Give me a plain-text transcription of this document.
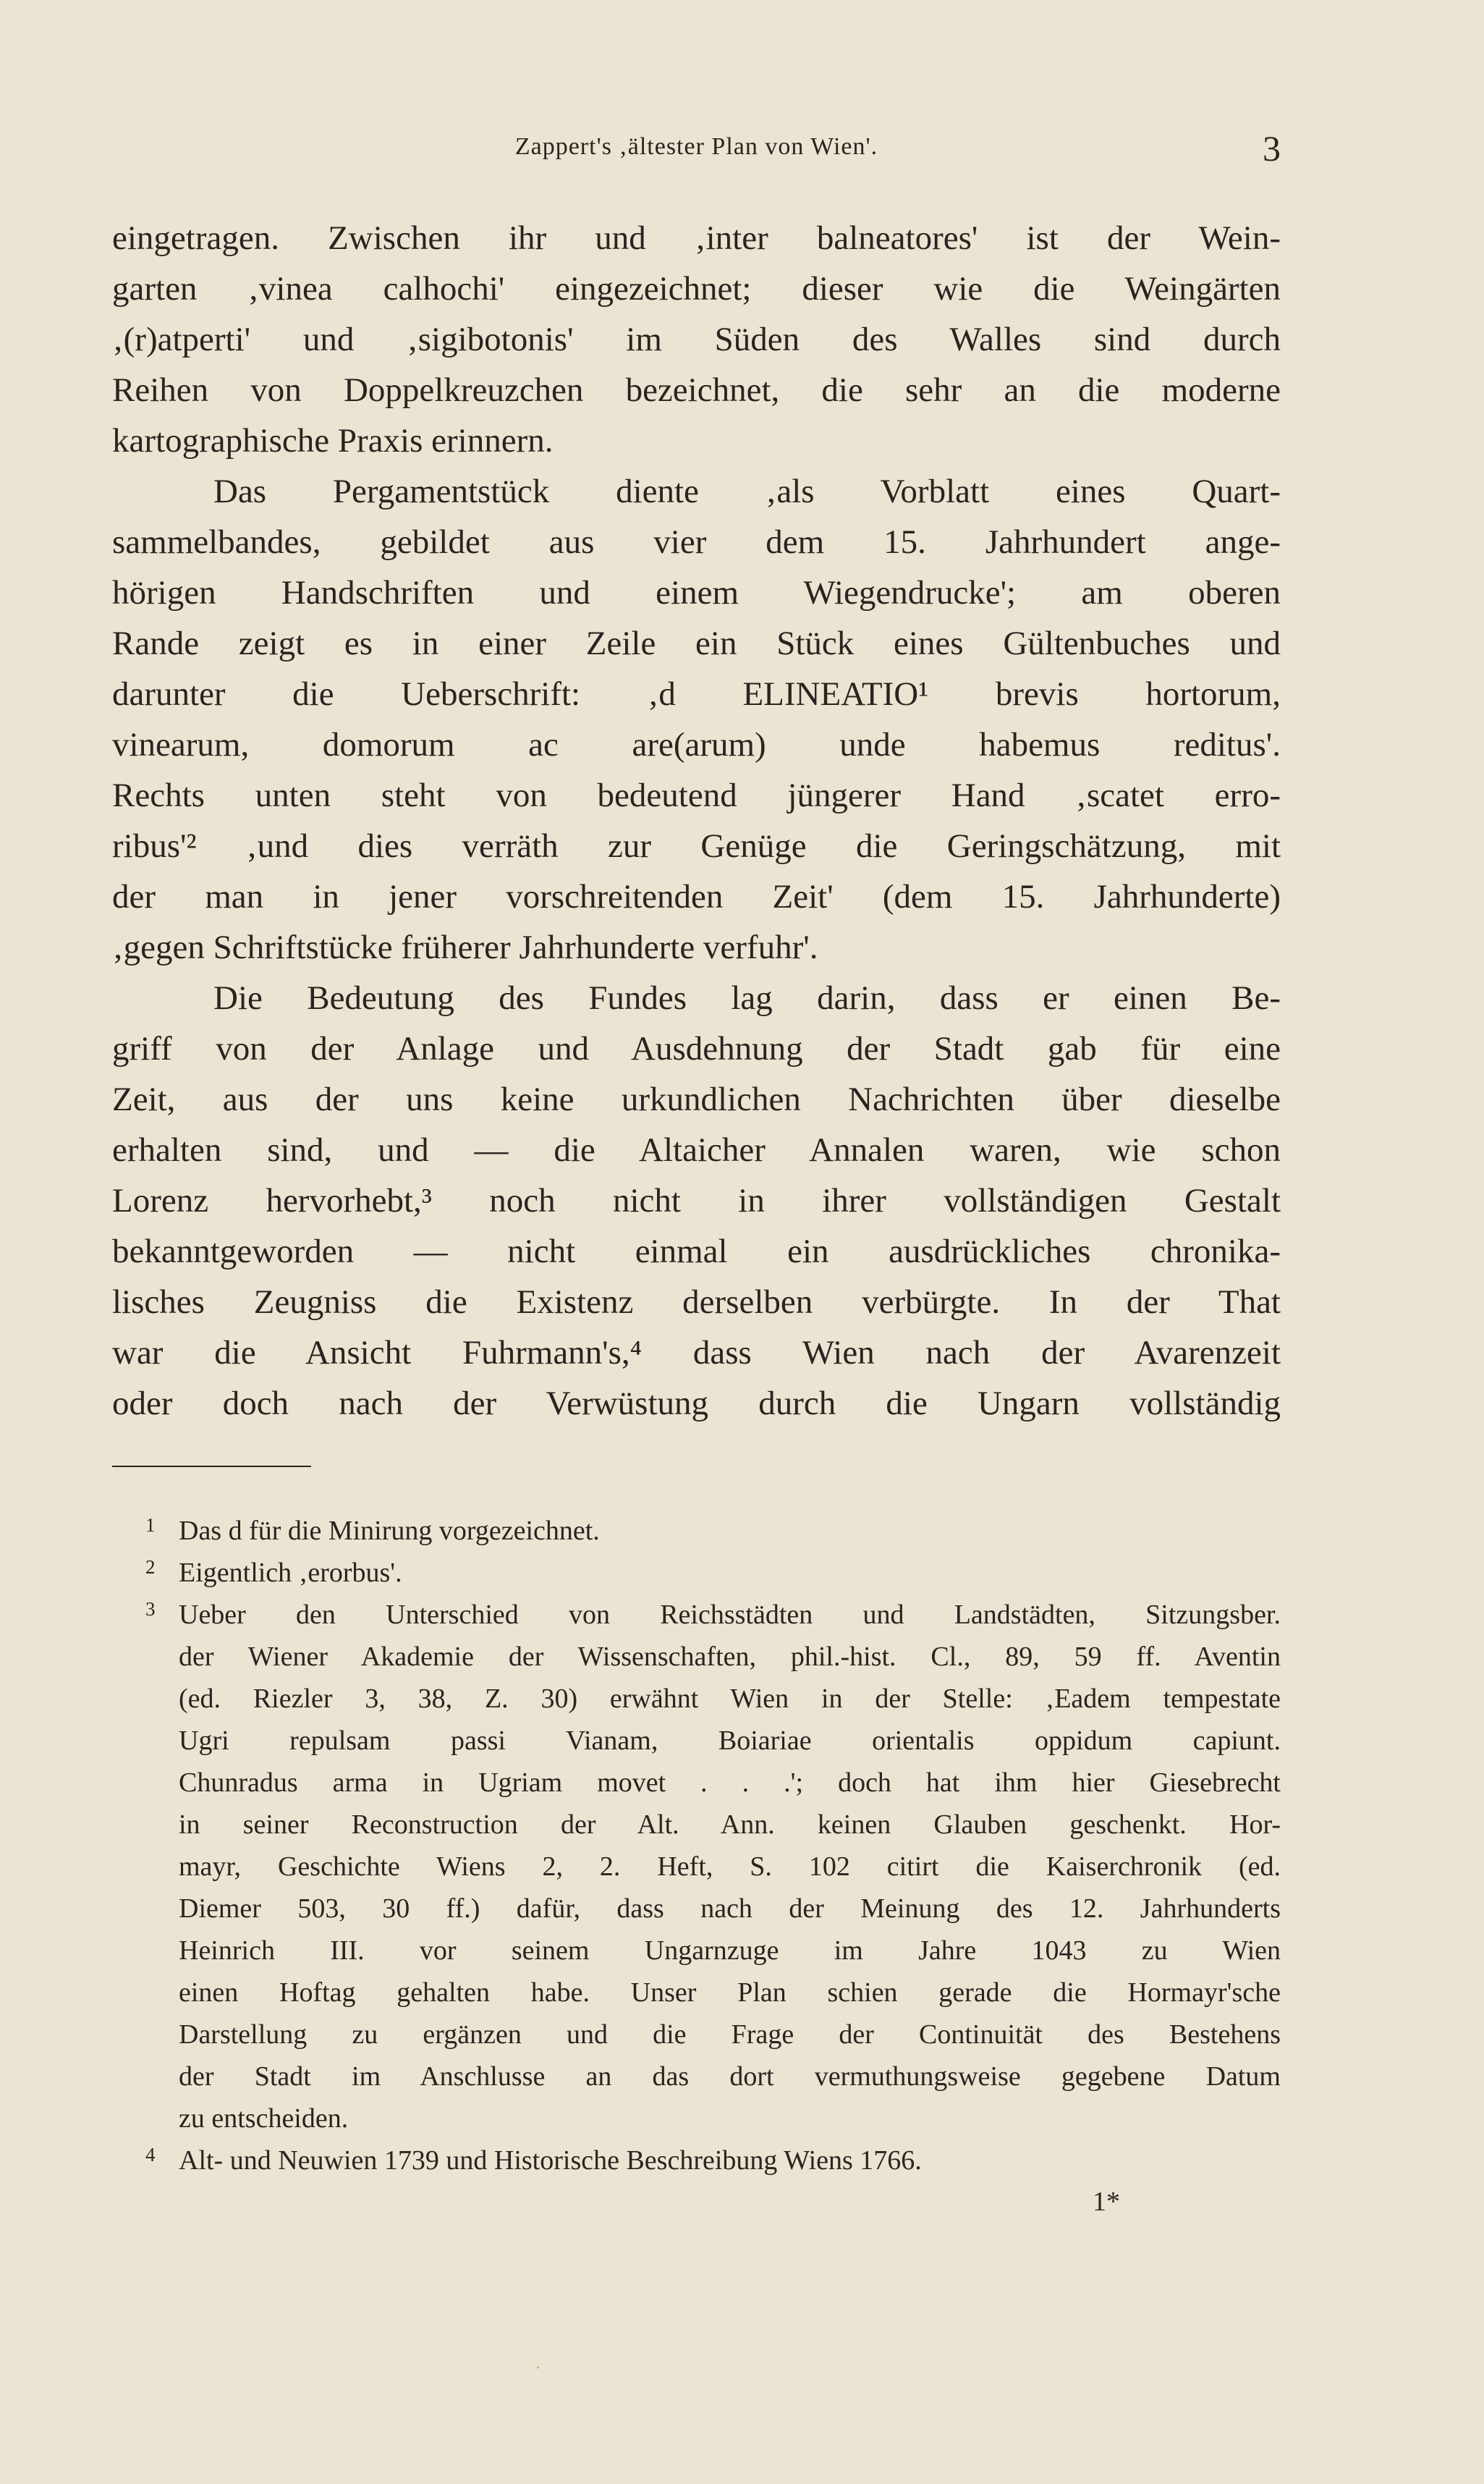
Zappert's ‚ältester Plan von Wien'.	3
eingetragen. Zwischen ihr und ‚inter balneatores' ist der Wein-
garten ‚vinea calhochi' eingezeichnet; dieser wie die Weingärten
‚(r)atperti' und ‚sigibotonis' im Süden des Walles sind durch
Reihen von Doppelkreuzchen bezeichnet, die sehr an die moderne
kartographische Praxis erinnern.
Das Pergamentstück diente ‚als Vorblatt eines Quart-
sammelbandes, gebildet aus vier dem 15. Jahrhundert ange-
hörigen Handschriften und einem Wiegendrucke'; am oberen
Rande zeigt es in einer Zeile ein Stück eines Gültenbuches und
darunter die Ueberschrift: ‚d ELINEATIO¹ brevis hortorum,
vinearum, domorum ac are(arum) unde habemus reditus'.
Rechts unten steht von bedeutend jüngerer Hand ‚scatet erro-
ribus'² ‚und dies verräth zur Genüge die Geringschätzung, mit
der man in jener vorschreitenden Zeit' (dem 15. Jahrhunderte)
‚gegen Schriftstücke früherer Jahrhunderte verfuhr'.
Die Bedeutung des Fundes lag darin, dass er einen Be-
griff von der Anlage und Ausdehnung der Stadt gab für eine
Zeit, aus der uns keine urkundlichen Nachrichten über dieselbe
erhalten sind, und — die Altaicher Annalen waren, wie schon
Lorenz hervorhebt,³ noch nicht in ihrer vollständigen Gestalt
bekanntgeworden — nicht einmal ein ausdrückliches chronika-
lisches Zeugniss die Existenz derselben verbürgte. In der That
war die Ansicht Fuhrmann's,⁴ dass Wien nach der Avarenzeit
oder doch nach der Verwüstung durch die Ungarn vollständig
1 Das d für die Minirung vorgezeichnet.
2 Eigentlich ‚erorbus'.
3 Ueber den Unterschied von Reichsstädten und Landstädten, Sitzungsber.
der Wiener Akademie der Wissenschaften, phil.-hist. Cl., 89, 59 ff. Aventin
(ed. Riezler 3, 38, Z. 30) erwähnt Wien in der Stelle: ‚Eadem tempestate
Ugri repulsam passi Vianam, Boiariae orientalis oppidum capiunt.
Chunradus arma in Ugriam movet . . .'; doch hat ihm hier Giesebrecht
in seiner Reconstruction der Alt. Ann. keinen Glauben geschenkt. Hor-
mayr, Geschichte Wiens 2, 2. Heft, S. 102 citirt die Kaiserchronik (ed.
Diemer 503, 30 ff.) dafür, dass nach der Meinung des 12. Jahrhunderts
Heinrich III. vor seinem Ungarnzuge im Jahre 1043 zu Wien
einen Hoftag gehalten habe. Unser Plan schien gerade die Hormayr'sche
Darstellung zu ergänzen und die Frage der Continuität des Bestehens
der Stadt im Anschlusse an das dort vermuthungsweise gegebene Datum
zu entscheiden.
4 Alt- und Neuwien 1739 und Historische Beschreibung Wiens 1766.
1*
·
